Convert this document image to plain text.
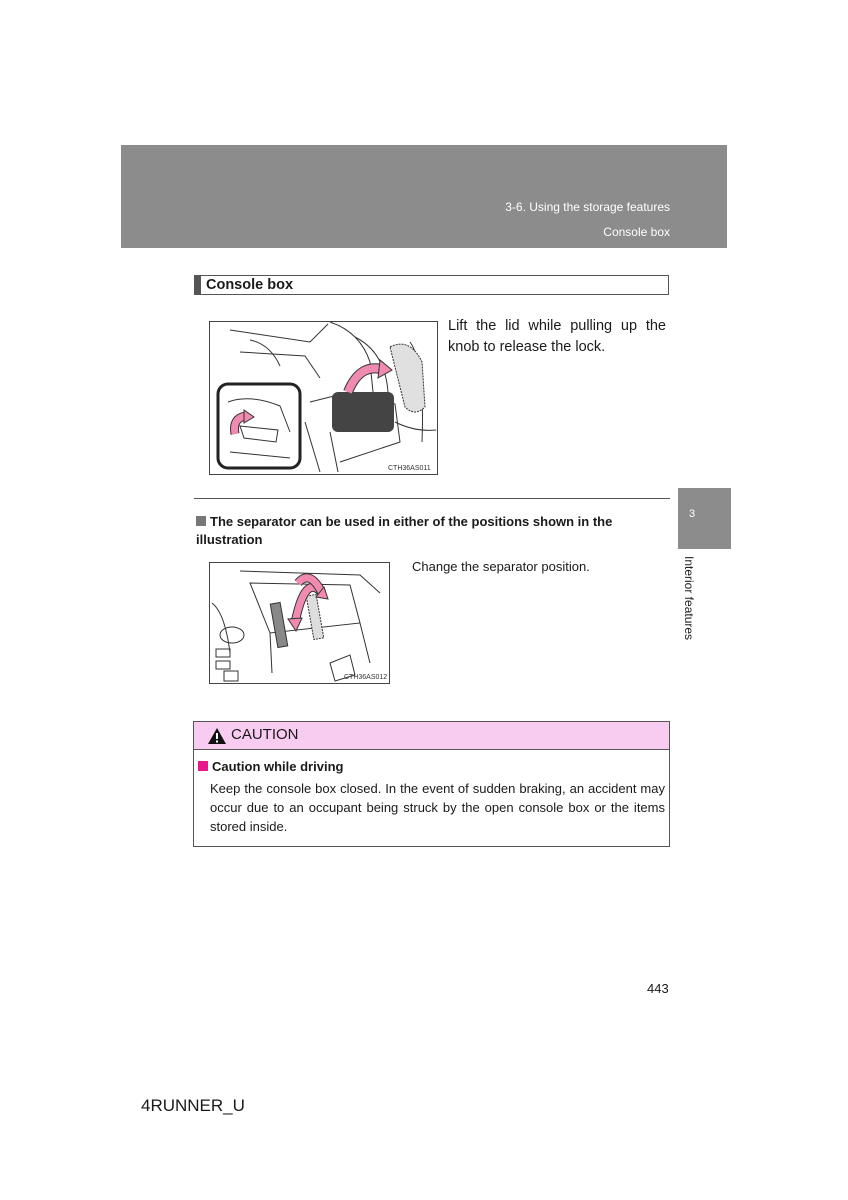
3-6. Using the storage features
Console box
Console box
CTH36AS011
Lift the lid while pulling up the knob to release the lock.
The separator can be used in either of the positions shown in the illustration
CTH36AS012
Change the separator position.
3
Interior features
CAUTION
Caution while driving
Keep the console box closed. In the event of sudden braking, an accident may occur due to an occupant being struck by the open console box or the items stored inside.
443
4RUNNER_U
